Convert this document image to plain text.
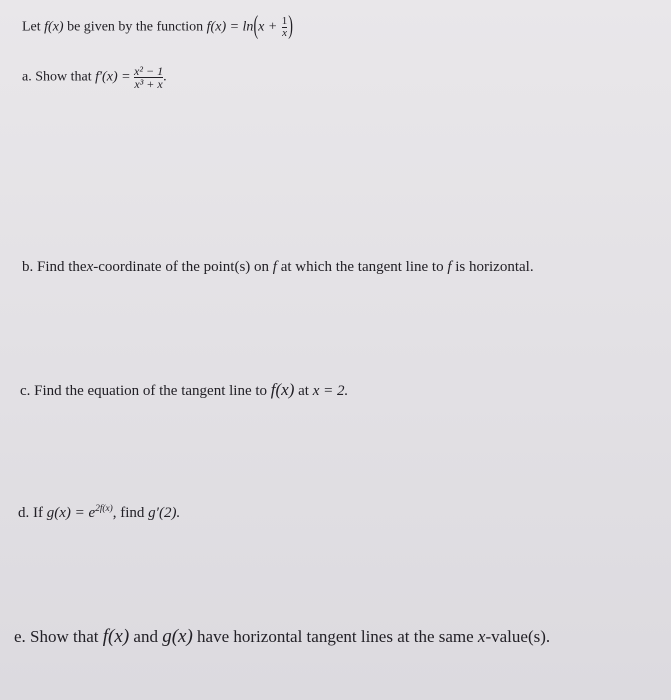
Let f(x) be given by the function $f(x) = \ln(x + \frac{1}{x}$ )
a. Show that $f'(x) = \frac{\text{x² − 1}}{\text{x³ + x}}$ .
b. Find thex-coordinate of the point(s) on f at which the tangent line to f is horizontal.
c. Find the equation of the tangent line to f(x) at x = 2.
d. If $g(x) = e^{2f(x)}$, find g′(2).
e. Show that f(x) and g(x) have horizontal tangent lines at the same x-value(s).
